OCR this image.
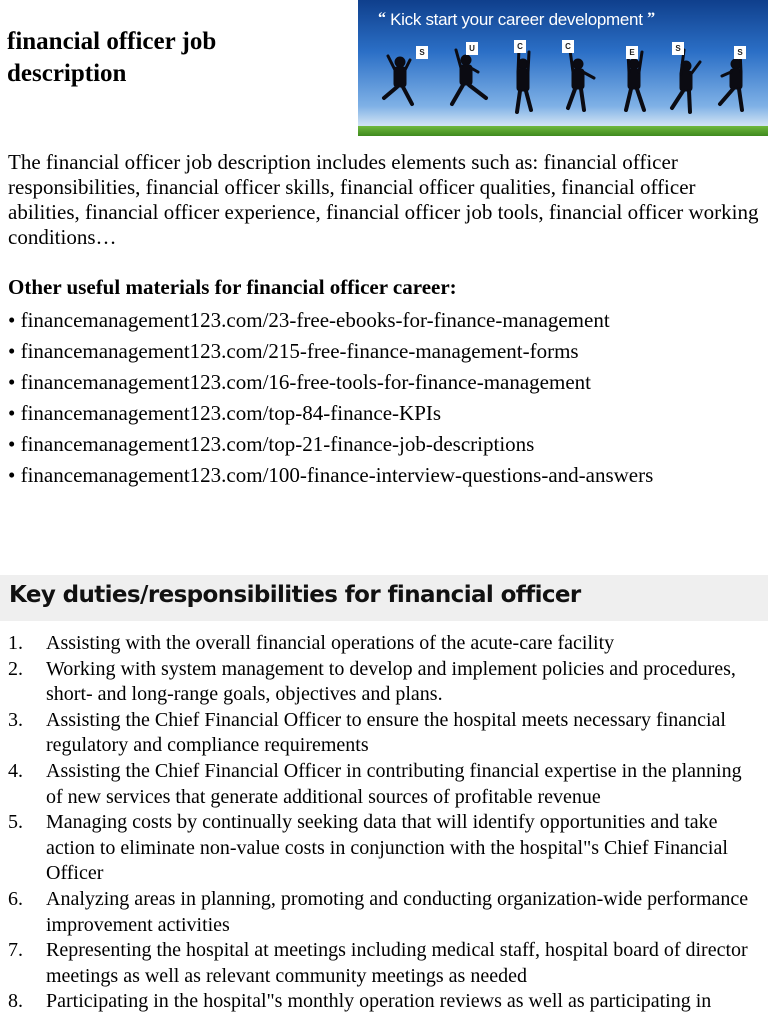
financial officer job description
“ Kick start your career development ”
S	U	C	C
E	S	S

The financial officer job description includes elements such as: financial officer responsibilities, financial officer skills, financial officer qualities, financial officer abilities, financial officer experience, financial officer job tools, financial officer working conditions…

Other useful materials for financial officer career:
• financemanagement123.com/23-free-ebooks-for-finance-management
• financemanagement123.com/215-free-finance-management-forms
• financemanagement123.com/16-free-tools-for-finance-management
• financemanagement123.com/top-84-finance-KPIs
• financemanagement123.com/top-21-finance-job-descriptions
• financemanagement123.com/100-finance-interview-questions-and-answers
Key duties/responsibilities for financial officer
1. Assisting with the overall financial operations of the acute-care facility
2. Working with system management to develop and implement policies and procedures, short- and long-range goals, objectives and plans.
3. Assisting the Chief Financial Officer to ensure the hospital meets necessary financial regulatory and compliance requirements
4. Assisting the Chief Financial Officer in contributing financial expertise in the planning of new services that generate additional sources of profitable revenue
5. Managing costs by continually seeking data that will identify opportunities and take action to eliminate non-value costs in conjunction with the hospital"s Chief Financial Officer
6. Analyzing areas in planning, promoting and conducting organization-wide performance improvement activities
7. Representing the hospital at meetings including medical staff, hospital board of director meetings as well as relevant community meetings as needed
8. Participating in the hospital"s monthly operation reviews as well as participating in
